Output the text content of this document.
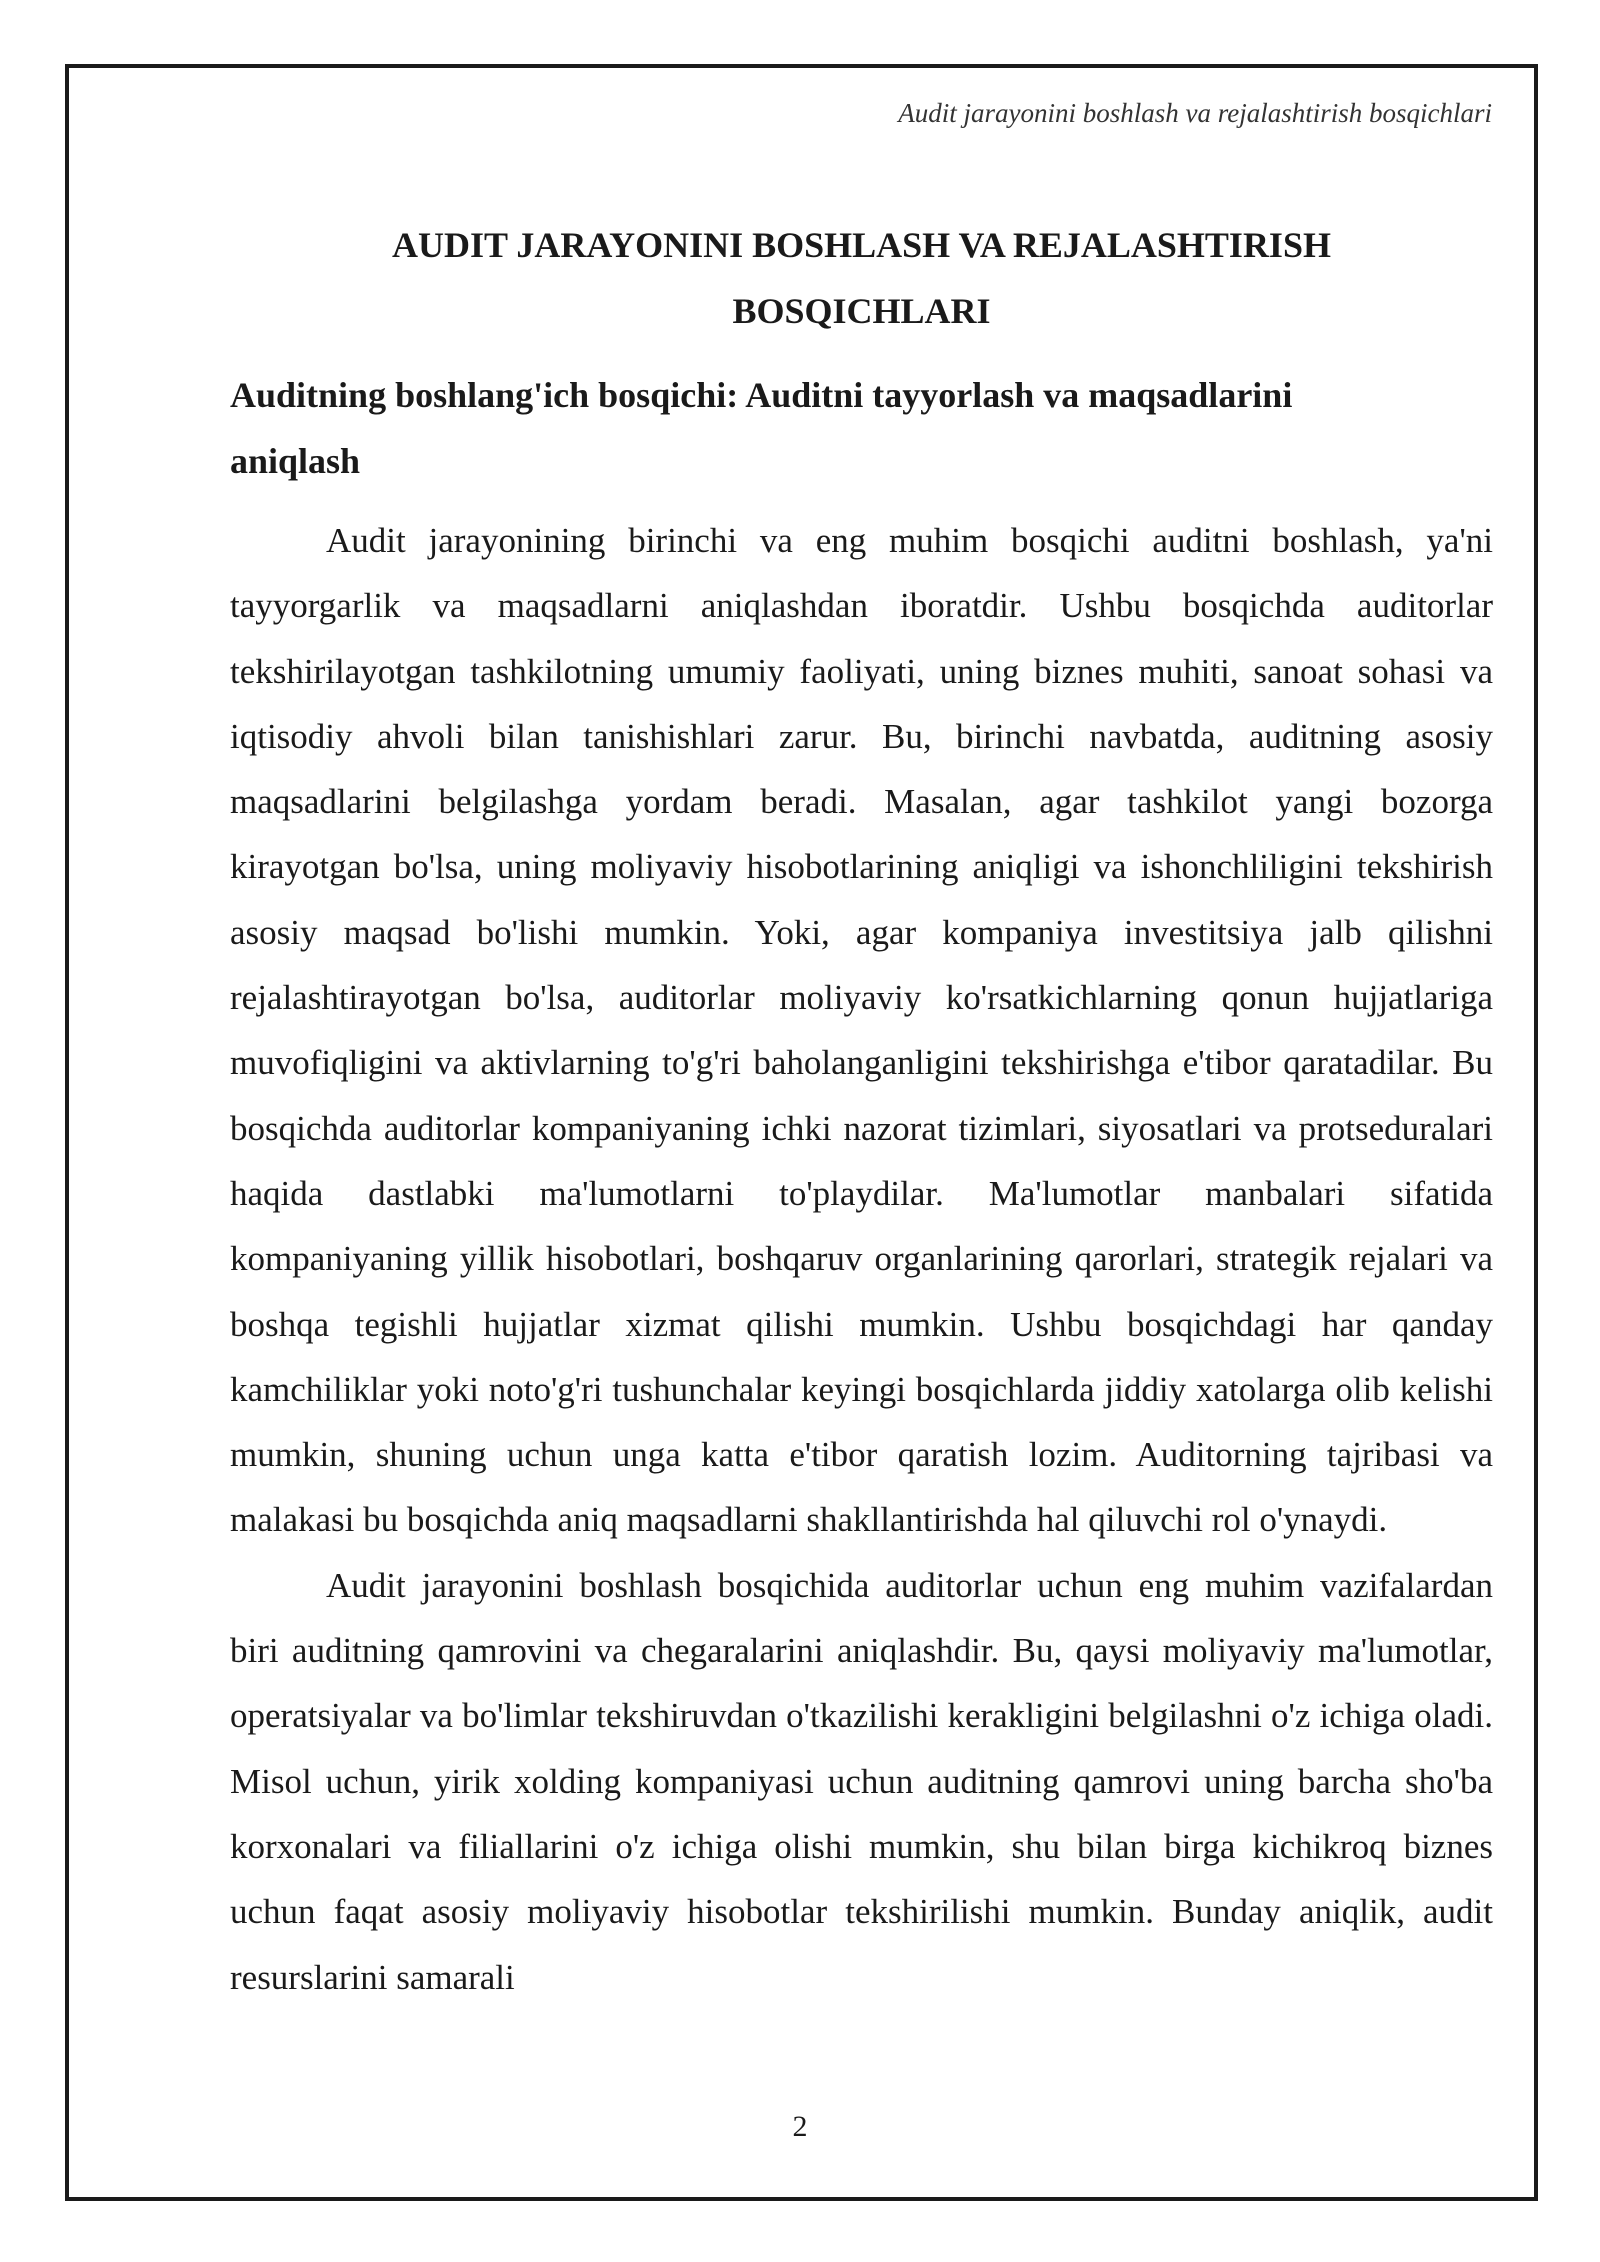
Audit jarayonini boshlash va rejalashtirish bosqichlari
AUDIT JARAYONINI BOSHLASH VA REJALASHTIRISH
BOSQICHLARI
Auditning boshlang'ich bosqichi: Auditni tayyorlash va maqsadlarini aniqlash

Audit jarayonining birinchi va eng muhim bosqichi auditni boshlash, ya'ni tayyorgarlik va maqsadlarni aniqlashdan iboratdir. Ushbu bosqichda auditorlar tekshirilayotgan tashkilotning umumiy faoliyati, uning biznes muhiti, sanoat sohasi va iqtisodiy ahvoli bilan tanishishlari zarur. Bu, birinchi navbatda, auditning asosiy maqsadlarini belgilashga yordam beradi. Masalan, agar tashkilot yangi bozorga kirayotgan bo'lsa, uning moliyaviy hisobotlarining aniqligi va ishonchliligini tekshirish asosiy maqsad bo'lishi mumkin. Yoki, agar kompaniya investitsiya jalb qilishni rejalashtirayotgan bo'lsa, auditorlar moliyaviy ko'rsatkichlarning qonun hujjatlariga muvofiqligini va aktivlarning to'g'ri baholanganligini tekshirishga e'tibor qaratadilar. Bu bosqichda auditorlar kompaniyaning ichki nazorat tizimlari, siyosatlari va protseduralari haqida dastlabki ma'lumotlarni to'playdilar. Ma'lumotlar manbalari sifatida kompaniyaning yillik hisobotlari, boshqaruv organlarining qarorlari, strategik rejalari va boshqa tegishli hujjatlar xizmat qilishi mumkin. Ushbu bosqichdagi har qanday kamchiliklar yoki noto'g'ri tushunchalar keyingi bosqichlarda jiddiy xatolarga olib kelishi mumkin, shuning uchun unga katta e'tibor qaratish lozim. Auditorning tajribasi va malakasi bu bosqichda aniq maqsadlarni shakllantirishda hal qiluvchi rol o'ynaydi.

Audit jarayonini boshlash bosqichida auditorlar uchun eng muhim vazifalardan biri auditning qamrovini va chegaralarini aniqlashdir. Bu, qaysi moliyaviy ma'lumotlar, operatsiyalar va bo'limlar tekshiruvdan o'tkazilishi kerakligini belgilashni o'z ichiga oladi. Misol uchun, yirik xolding kompaniyasi uchun auditning qamrovi uning barcha sho'ba korxonalari va filiallarini o'z ichiga olishi mumkin, shu bilan birga kichikroq biznes uchun faqat asosiy moliyaviy hisobotlar tekshirilishi mumkin. Bunday aniqlik, audit resurslarini samarali

2
